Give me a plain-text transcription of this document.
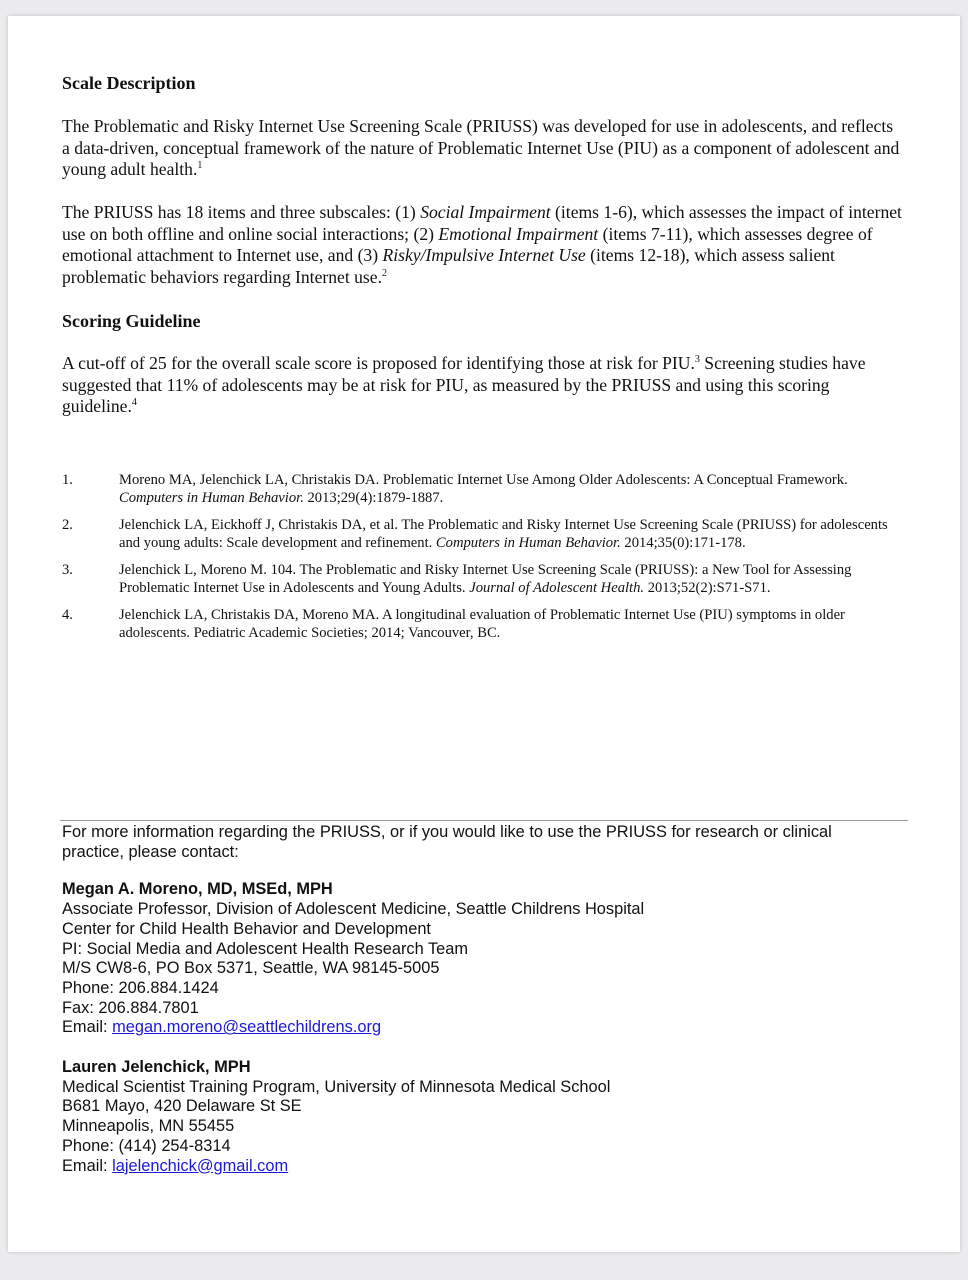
Scale Description

The Problematic and Risky Internet Use Screening Scale (PRIUSS) was developed for use in adolescents, and reflects a data-driven, conceptual framework of the nature of Problematic Internet Use (PIU) as a component of adolescent and young adult health.$^1$

The PRIUSS has 18 items and three subscales: (1) Social Impairment (items 1-6), which assesses the impact of internet use on both offline and online social interactions; (2) Emotional Impairment (items 7-11), which assesses degree of emotional attachment to Internet use, and (3) Risky/Impulsive Internet Use (items 12-18), which assess salient problematic behaviors regarding Internet use.$^2$

Scoring Guideline

A cut-off of 25 for the overall scale score is proposed for identifying those at risk for PIU.$^3$ Screening studies have suggested that 11% of adolescents may be at risk for PIU, as measured by the PRIUSS and using this scoring guideline.$^4$

1.	Moreno MA, Jelenchick LA, Christakis DA. Problematic Internet Use Among Older Adolescents: A Conceptual Framework. Computers in Human Behavior. 2013;29(4):1879-1887.
2.	Jelenchick LA, Eickhoff J, Christakis DA, et al. The Problematic and Risky Internet Use Screening Scale (PRIUSS) for adolescents and young adults: Scale development and refinement. Computers in Human Behavior. 2014;35(0):171-178.
3.	Jelenchick L, Moreno M. 104. The Problematic and Risky Internet Use Screening Scale (PRIUSS): a New Tool for Assessing Problematic Internet Use in Adolescents and Young Adults. Journal of Adolescent Health. 2013;52(2):S71-S71.
4.	Jelenchick LA, Christakis DA, Moreno MA. A longitudinal evaluation of Problematic Internet Use (PIU) symptoms in older adolescents. Pediatric Academic Societies; 2014; Vancouver, BC.

For more information regarding the PRIUSS, or if you would like to use the PRIUSS for research or clinical practice, please contact:

Megan A. Moreno, MD, MSEd, MPH

Associate Professor, Division of Adolescent Medicine, Seattle Childrens Hospital

Center for Child Health Behavior and Development

PI: Social Media and Adolescent Health Research Team

M/S CW8-6, PO Box 5371, Seattle, WA 98145-5005

Phone: 206.884.1424

Fax: 206.884.7801

Email: megan.moreno@seattlechildrens.org

Lauren Jelenchick, MPH

Medical Scientist Training Program, University of Minnesota Medical School

B681 Mayo, 420 Delaware St SE

Minneapolis, MN 55455

Phone: (414) 254-8314

Email: lajelenchick@gmail.com
